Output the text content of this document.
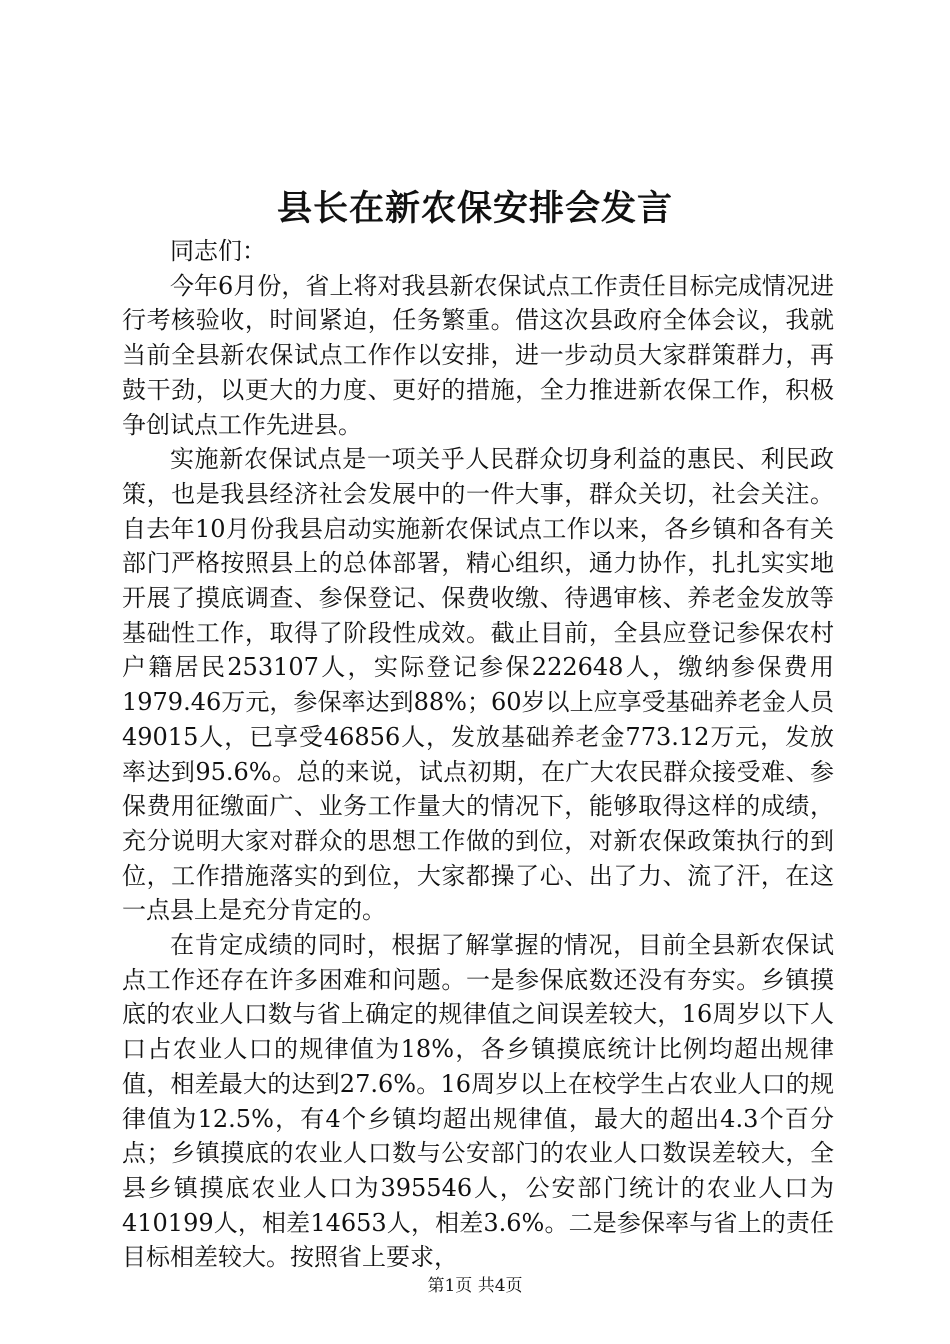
县长在新农保安排会发言

同志们：

今年6月份，省上将对我县新农保试点工作责任目标完成情况进行考核验收，时间紧迫，任务繁重。借这次县政府全体会议，我就当前全县新农保试点工作作以安排，进一步动员大家群策群力，再鼓干劲，以更大的力度、更好的措施，全力推进新农保工作，积极争创试点工作先进县。

实施新农保试点是一项关乎人民群众切身利益的惠民、利民政策，也是我县经济社会发展中的一件大事，群众关切，社会关注。自去年10月份我县启动实施新农保试点工作以来，各乡镇和各有关部门严格按照县上的总体部署，精心组织，通力协作，扎扎实实地开展了摸底调查、参保登记、保费收缴、待遇审核、养老金发放等基础性工作，取得了阶段性成效。截止目前，全县应登记参保农村户籍居民253107人，实际登记参保222648人，缴纳参保费用1979.46万元，参保率达到88%；60岁以上应享受基础养老金人员49015人，已享受46856人，发放基础养老金773.12万元，发放率达到95.6%。总的来说，试点初期，在广大农民群众接受难、参保费用征缴面广、业务工作量大的情况下，能够取得这样的成绩，充分说明大家对群众的思想工作做的到位，对新农保政策执行的到位，工作措施落实的到位，大家都操了心、出了力、流了汗，在这一点县上是充分肯定的。

在肯定成绩的同时，根据了解掌握的情况，目前全县新农保试点工作还存在许多困难和问题。一是参保底数还没有夯实。乡镇摸底的农业人口数与省上确定的规律值之间误差较大，16周岁以下人口占农业人口的规律值为18%，各乡镇摸底统计比例均超出规律值，相差最大的达到27.6%。16周岁以上在校学生占农业人口的规律值为12.5%，有4个乡镇均超出规律值，最大的超出4.3个百分点；乡镇摸底的农业人口数与公安部门的农业人口数误差较大，全县乡镇摸底农业人口为395546人，公安部门统计的农业人口为410199人，相差14653人，相差3.6%。二是参保率与省上的责任目标相差较大。按照省上要求，

第1页 共4页
